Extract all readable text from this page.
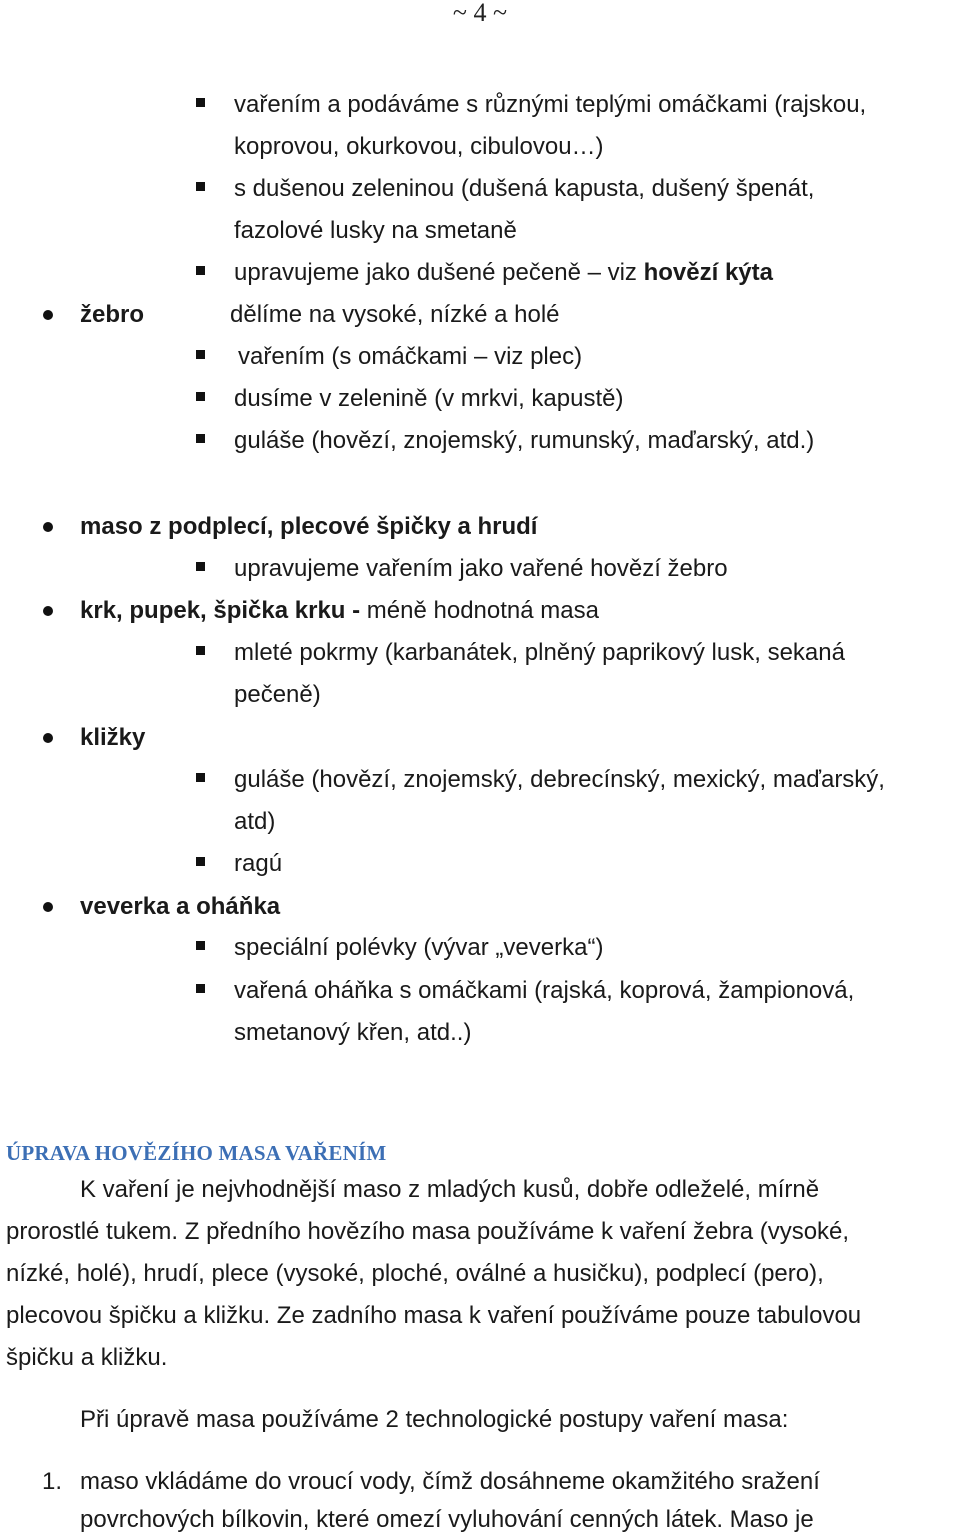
~ 4 ~
vařením a podáváme s různými teplými omáčkami (rajskou,
koprovou, okurkovou, cibulovou…)
s dušenou zeleninou (dušená kapusta, dušený špenát,
fazolové lusky na smetaně
upravujeme jako dušené pečeně – viz hovězí kýta
žebro	dělíme na vysoké, nízké a holé
vařením (s omáčkami – viz plec)
dusíme v zelenině (v mrkvi, kapustě)
guláše (hovězí, znojemský, rumunský, maďarský, atd.)
maso z podplecí, plecové špičky a hrudí
upravujeme vařením jako vařené hovězí žebro
krk, pupek, špička krku - méně hodnotná masa
mleté pokrmy (karbanátek, plněný paprikový lusk, sekaná
pečeně)
kližky
guláše (hovězí, znojemský, debrecínský, mexický, maďarský,
atd)
ragú
veverka a oháňka
speciální polévky (vývar „veverka“)
vařená oháňka s omáčkami (rajská, koprová, žampionová,
smetanový křen, atd..)
ÚPRAVA HOVĚZÍHO MASA VAŘENÍM
K vaření je nejvhodnější maso z mladých kusů, dobře odleželé, mírně
prorostlé tukem. Z předního hovězího masa používáme k vaření žebra (vysoké,
nízké, holé), hrudí, plece (vysoké, ploché, oválné a husičku), podplecí (pero),
plecovou špičku a kližku. Ze zadního masa k vaření používáme pouze tabulovou
špičku a kližku.
Při úpravě masa používáme 2 technologické postupy vaření masa:
1. maso vkládáme do vroucí vody, čímž dosáhneme okamžitého sražení
povrchových bílkovin, které omezí vyluhování cenných látek. Maso je
